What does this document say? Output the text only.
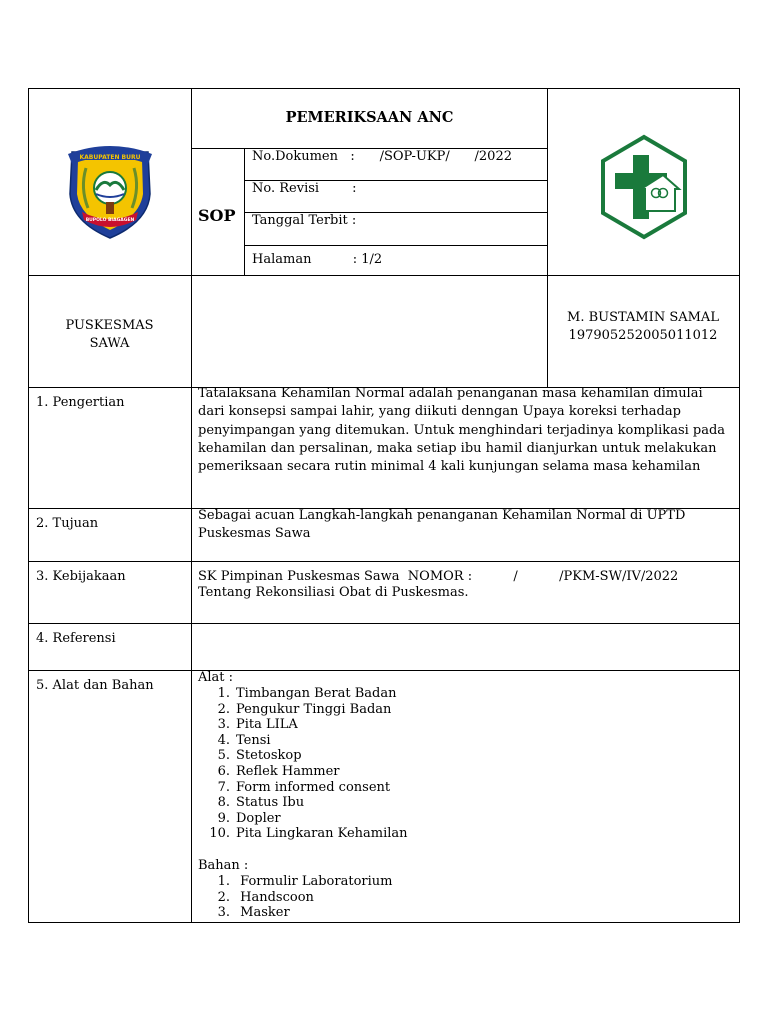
KABUPATEN BURU
BUPOLO BIAGAGEN
PEMERIKSAAN ANC
SOP
No.Dokumen   :      /SOP-UKP/      /2022
No. Revisi        :
Tanggal Terbit :
Halaman          : 1/2
PUSKESMAS
SAWA
M. BUSTAMIN SAMAL
197905252005011012
1. Pengertian
Tatalaksana Kehamilan Normal adalah penanganan masa kehamilan dimulai dari konsepsi sampai lahir, yang diikuti denngan Upaya koreksi terhadap penyimpangan yang ditemukan. Untuk menghindari terjadinya komplikasi pada kehamilan dan persalinan, maka setiap ibu hamil dianjurkan untuk melakukan pemeriksaan secara rutin minimal 4 kali kunjungan selama masa kehamilan
2. Tujuan
Sebagai acuan Langkah-langkah penanganan Kehamilan Normal di UPTD Puskesmas Sawa
3. Kebijakaan	SK Pimpinan Puskesmas Sawa  NOMOR :          /          /PKM-SW/IV/2022
Tentang Rekonsiliasi Obat di Puskesmas.
4. Referensi
5. Alat dan Bahan
Alat :
1. Timbangan Berat Badan
2. Pengukur Tinggi Badan
3. Pita LILA
4. Tensi
5. Stetoskop
6. Reflek Hammer
7. Form informed consent
8. Status Ibu
9. Dopler
10. Pita Lingkaran Kehamilan
Bahan :
1. Formulir Laboratorium
2. Handscoon
3. Masker
